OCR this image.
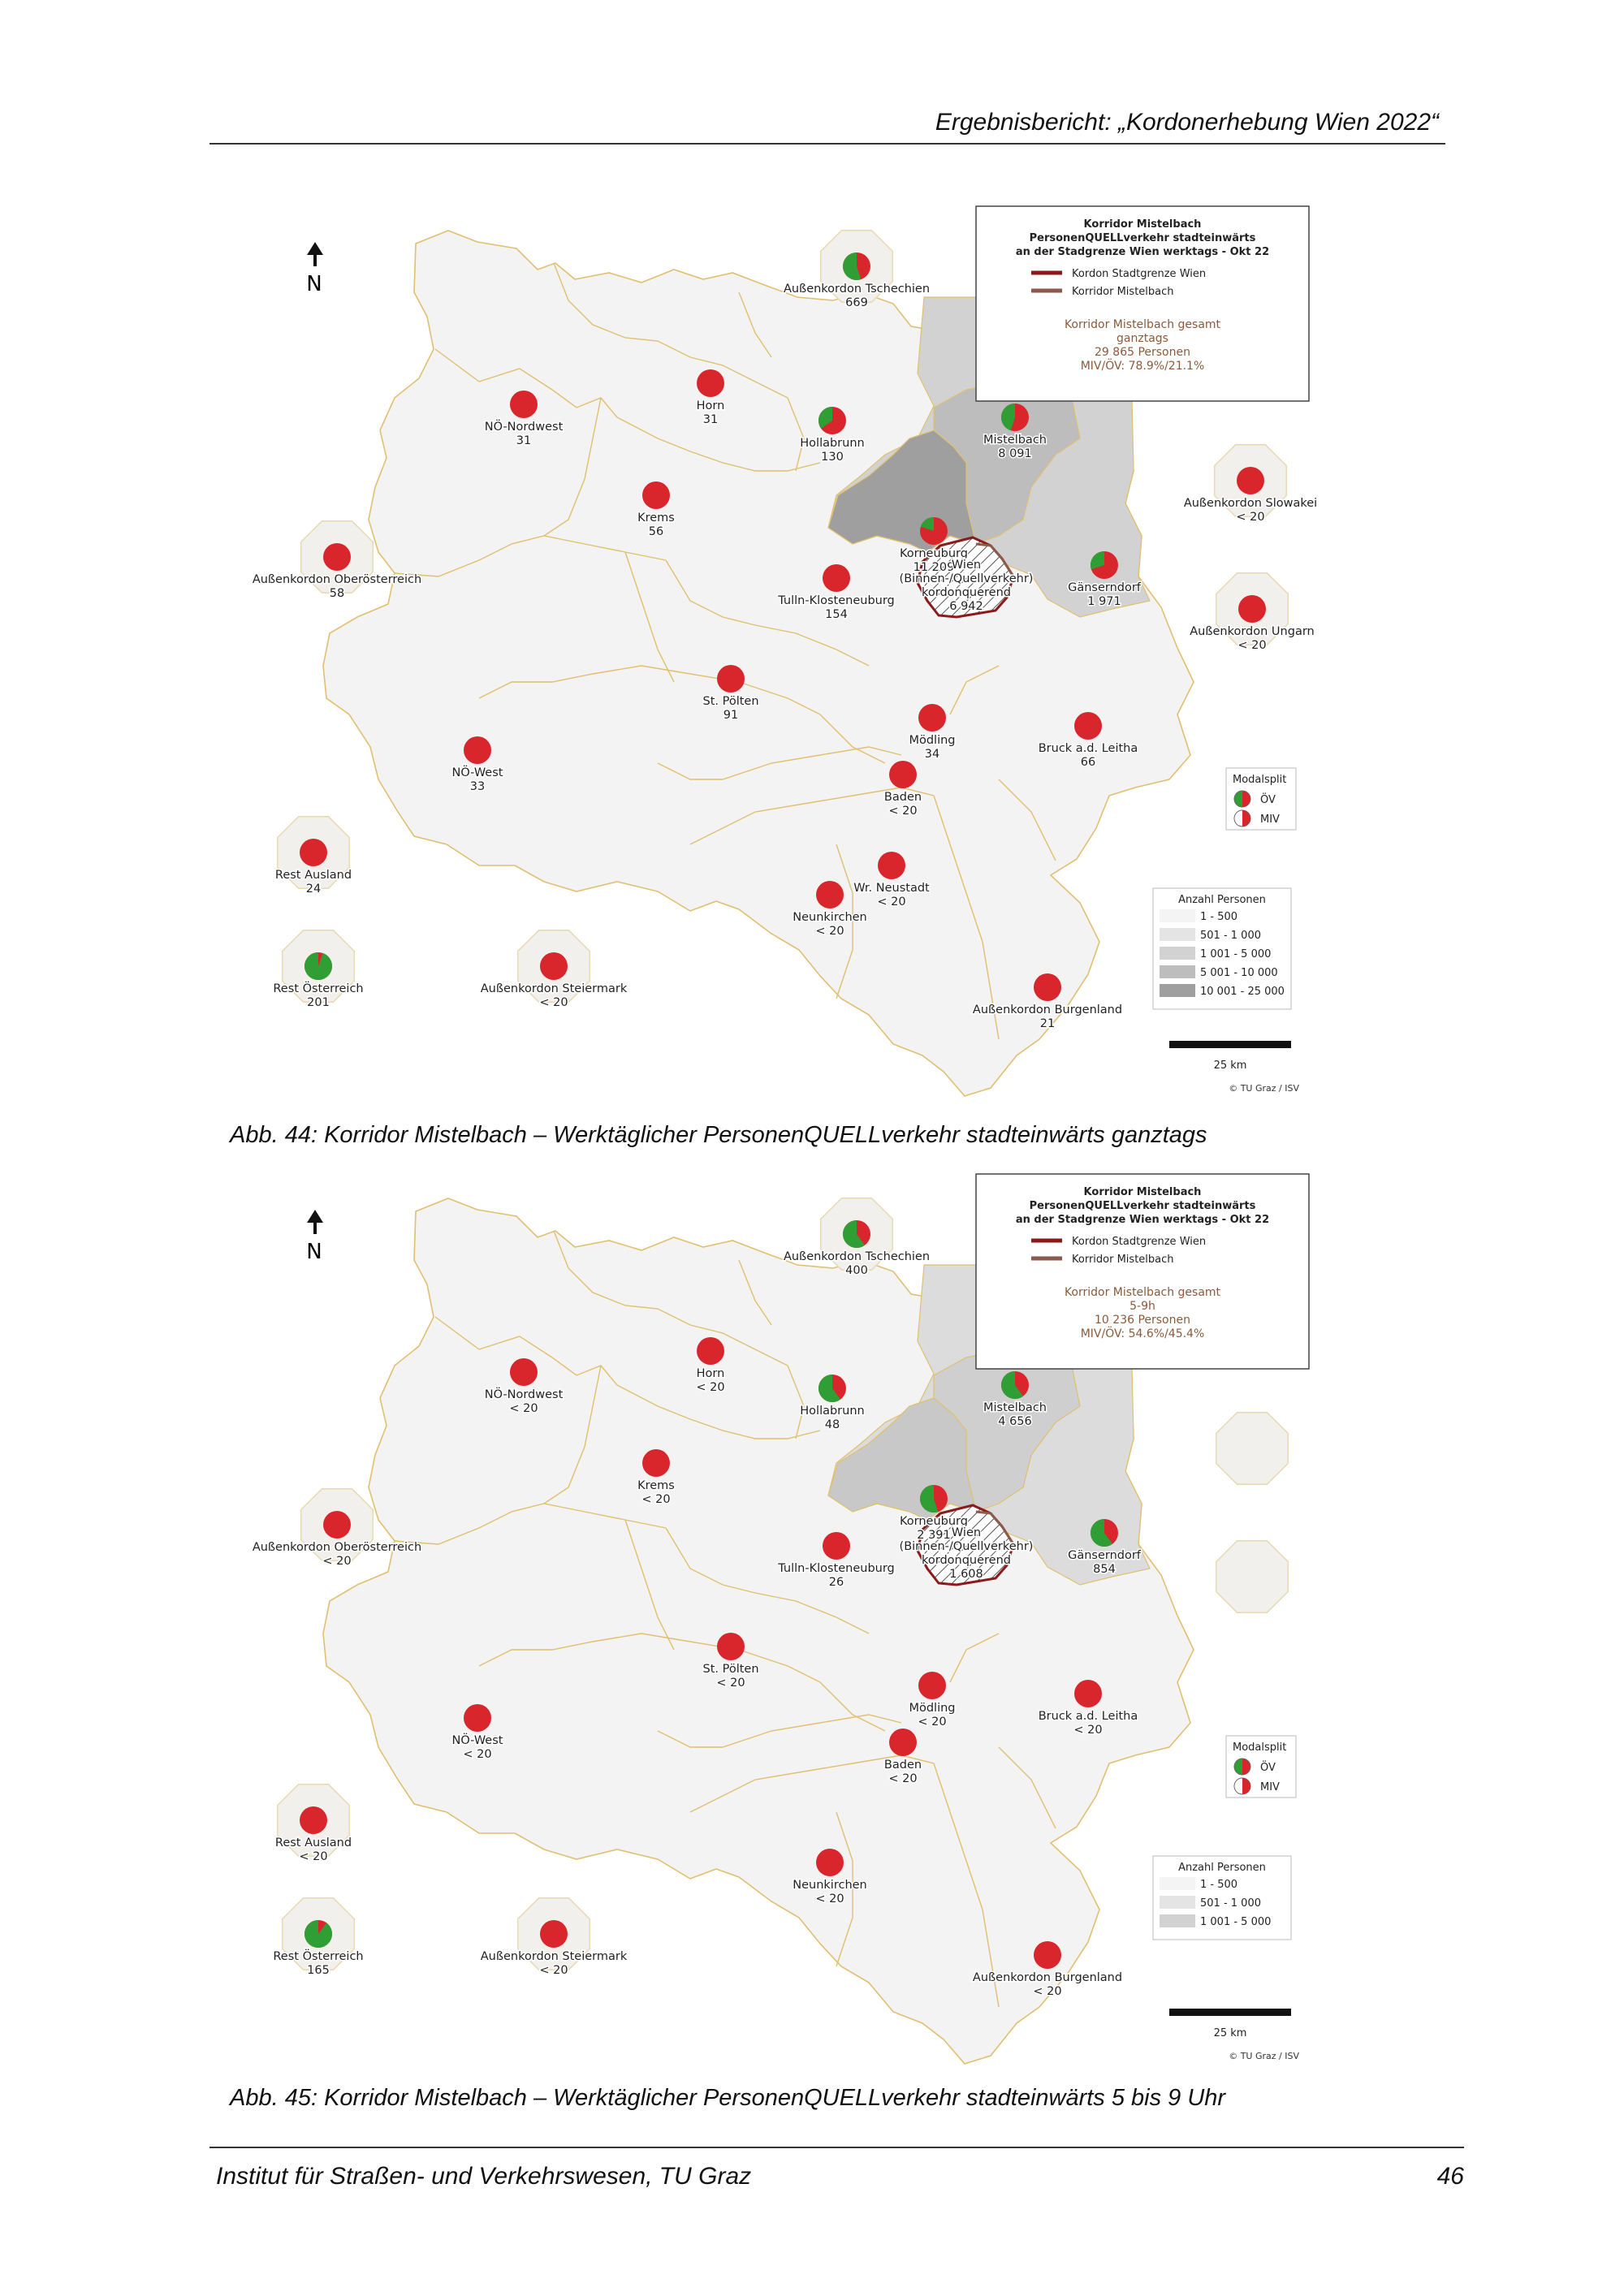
Ergebnisbericht: „Kordonerhebung Wien 2022“
N	Außenkordon Tschechien 669
NÖ-Nordwest 31
Horn 31
Hollabrunn 130
Mistelbach 8 091
Außenkordon Slowakei < 20
Krems 56
Korneuburg 11 209
Außenkordon Oberösterreich 58
Tulln-Klosteneuburg 154
Gänserndorf 1 971
Außenkordon Ungarn < 20
Wien (Binnen-/Quellverkehr) kordonquerend 6 942
St. Pölten 91
Mödling 34	Bruck a.d. Leitha 66
NÖ-West 33
Baden < 20
Rest Ausland 24	Wr. Neustadt < 20
Neunkirchen < 20
Rest Österreich 201
Außenkordon Steiermark < 20
Außenkordon Burgenland 21
Korridor Mistelbach
PersonenQUELLverkehr stadteinwärts
an der Stadgrenze Wien werktags - Okt 22
Kordon Stadtgrenze Wien
Korridor Mistelbach
Korridor Mistelbach gesamt
ganztags
29 865 Personen
MIV/ÖV: 78.9%/21.1%
Modalsplit
ÖV
MIV
Anzahl Personen
1 - 500
501 - 1 000
1 001 - 5 000
5 001 - 10 000
10 001 - 25 000
25 km
© TU Graz / ISV
Abb. 44: Korridor Mistelbach – Werktäglicher PersonenQUELLverkehr stadteinwärts ganztags
N	Außenkordon Tschechien 400
NÖ-Nordwest < 20
Horn < 20
Hollabrunn 48
Mistelbach 4 656
Krems < 20
Korneuburg 2 391
Außenkordon Oberösterreich < 20
Tulln-Klosteneuburg 26
Gänserndorf 854
Wien (Binnen-/Quellverkehr) kordonquerend 1 608
St. Pölten < 20
Mödling < 20	Bruck a.d. Leitha < 20
NÖ-West < 20
Baden < 20
Rest Ausland < 20
Neunkirchen < 20
Rest Österreich 165
Außenkordon Steiermark < 20
Außenkordon Burgenland < 20
Korridor Mistelbach
PersonenQUELLverkehr stadteinwärts
an der Stadgrenze Wien werktags - Okt 22
Kordon Stadtgrenze Wien
Korridor Mistelbach
Korridor Mistelbach gesamt
5-9h
10 236 Personen
MIV/ÖV: 54.6%/45.4%
Modalsplit
ÖV
MIV
Anzahl Personen
1 - 500
501 - 1 000
1 001 - 5 000
25 km
© TU Graz / ISV
Abb. 45: Korridor Mistelbach – Werktäglicher PersonenQUELLverkehr stadteinwärts 5 bis 9 Uhr
Institut für Straßen- und Verkehrswesen, TU Graz	46
